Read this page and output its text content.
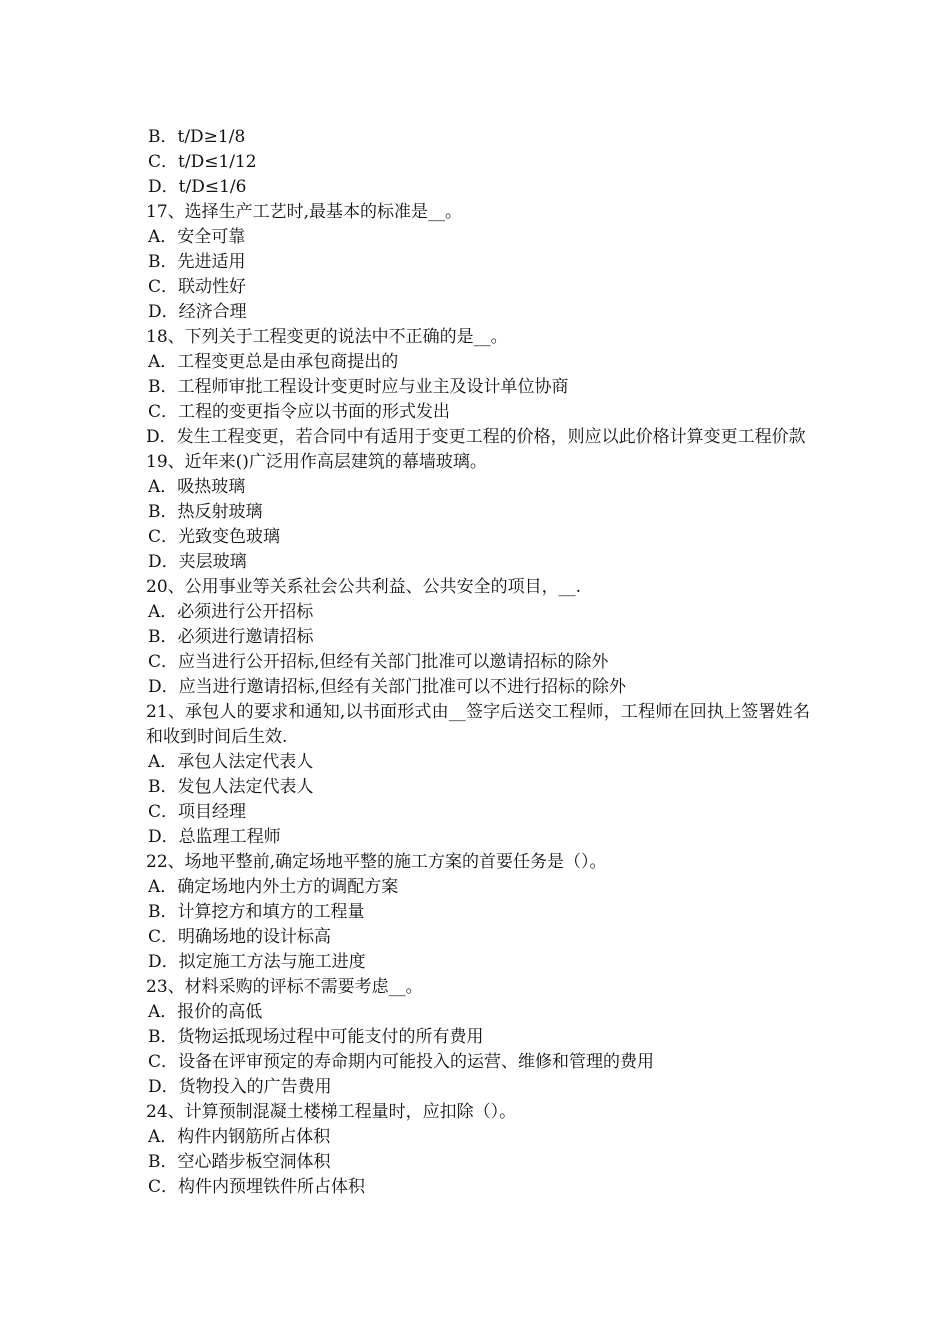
B．t/D≥1/8

C．t/D≤1/12

D．t/D≤1/6

17、选择生产工艺时,最基本的标准是__。

A．安全可靠

B．先进适用

C．联动性好

D．经济合理

18、下列关于工程变更的说法中不正确的是__。

A．工程变更总是由承包商提出的

B．工程师审批工程设计变更时应与业主及设计单位协商

C．工程的变更指令应以书面的形式发出

D．发生工程变更，若合同中有适用于变更工程的价格，则应以此价格计算变更工程价款

19、近年来()广泛用作高层建筑的幕墙玻璃。

A．吸热玻璃

B．热反射玻璃

C．光致变色玻璃

D．夹层玻璃

20、公用事业等关系社会公共利益、公共安全的项目，__.

A．必须进行公开招标

B．必须进行邀请招标

C．应当进行公开招标,但经有关部门批准可以邀请招标的除外

D．应当进行邀请招标,但经有关部门批准可以不进行招标的除外

21、承包人的要求和通知,以书面形式由__签字后送交工程师，工程师在回执上签署姓名和收到时间后生效.

A．承包人法定代表人

B．发包人法定代表人

C．项目经理

D．总监理工程师

22、场地平整前,确定场地平整的施工方案的首要任务是（）。

A．确定场地内外土方的调配方案

B．计算挖方和填方的工程量

C．明确场地的设计标高

D．拟定施工方法与施工进度

23、材料采购的评标不需要考虑__。

A．报价的高低

B．货物运抵现场过程中可能支付的所有费用

C．设备在评审预定的寿命期内可能投入的运营、维修和管理的费用

D．货物投入的广告费用

24、计算预制混凝土楼梯工程量时，应扣除（）。

A．构件内钢筋所占体积

B．空心踏步板空洞体积

C．构件内预埋铁件所占体积
